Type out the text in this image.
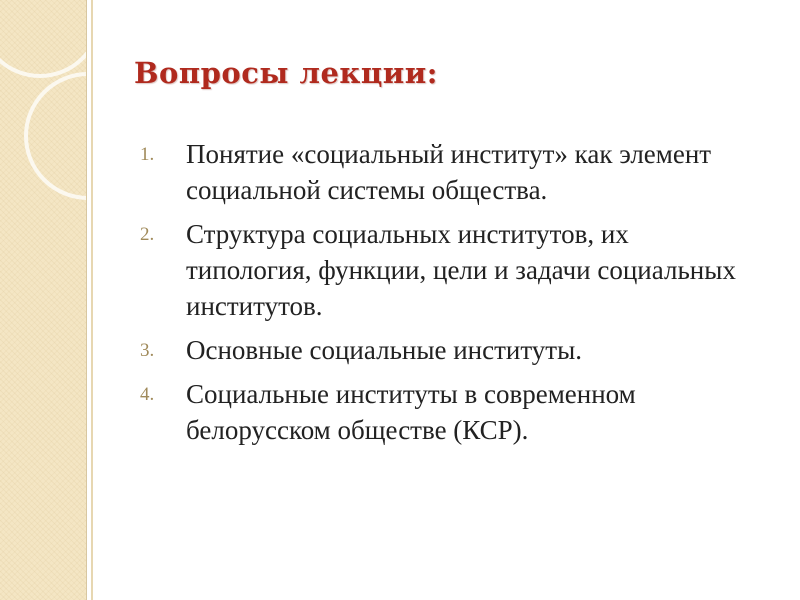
Вопросы лекции:
1.	Понятие «социальный институт» как элемент социальной системы общества.
2.	Структура социальных институтов, их типология, функции, цели и задачи социальных институтов.
3.	Основные социальные институты.
4.	Социальные институты в современном белорусском обществе (КСР).
